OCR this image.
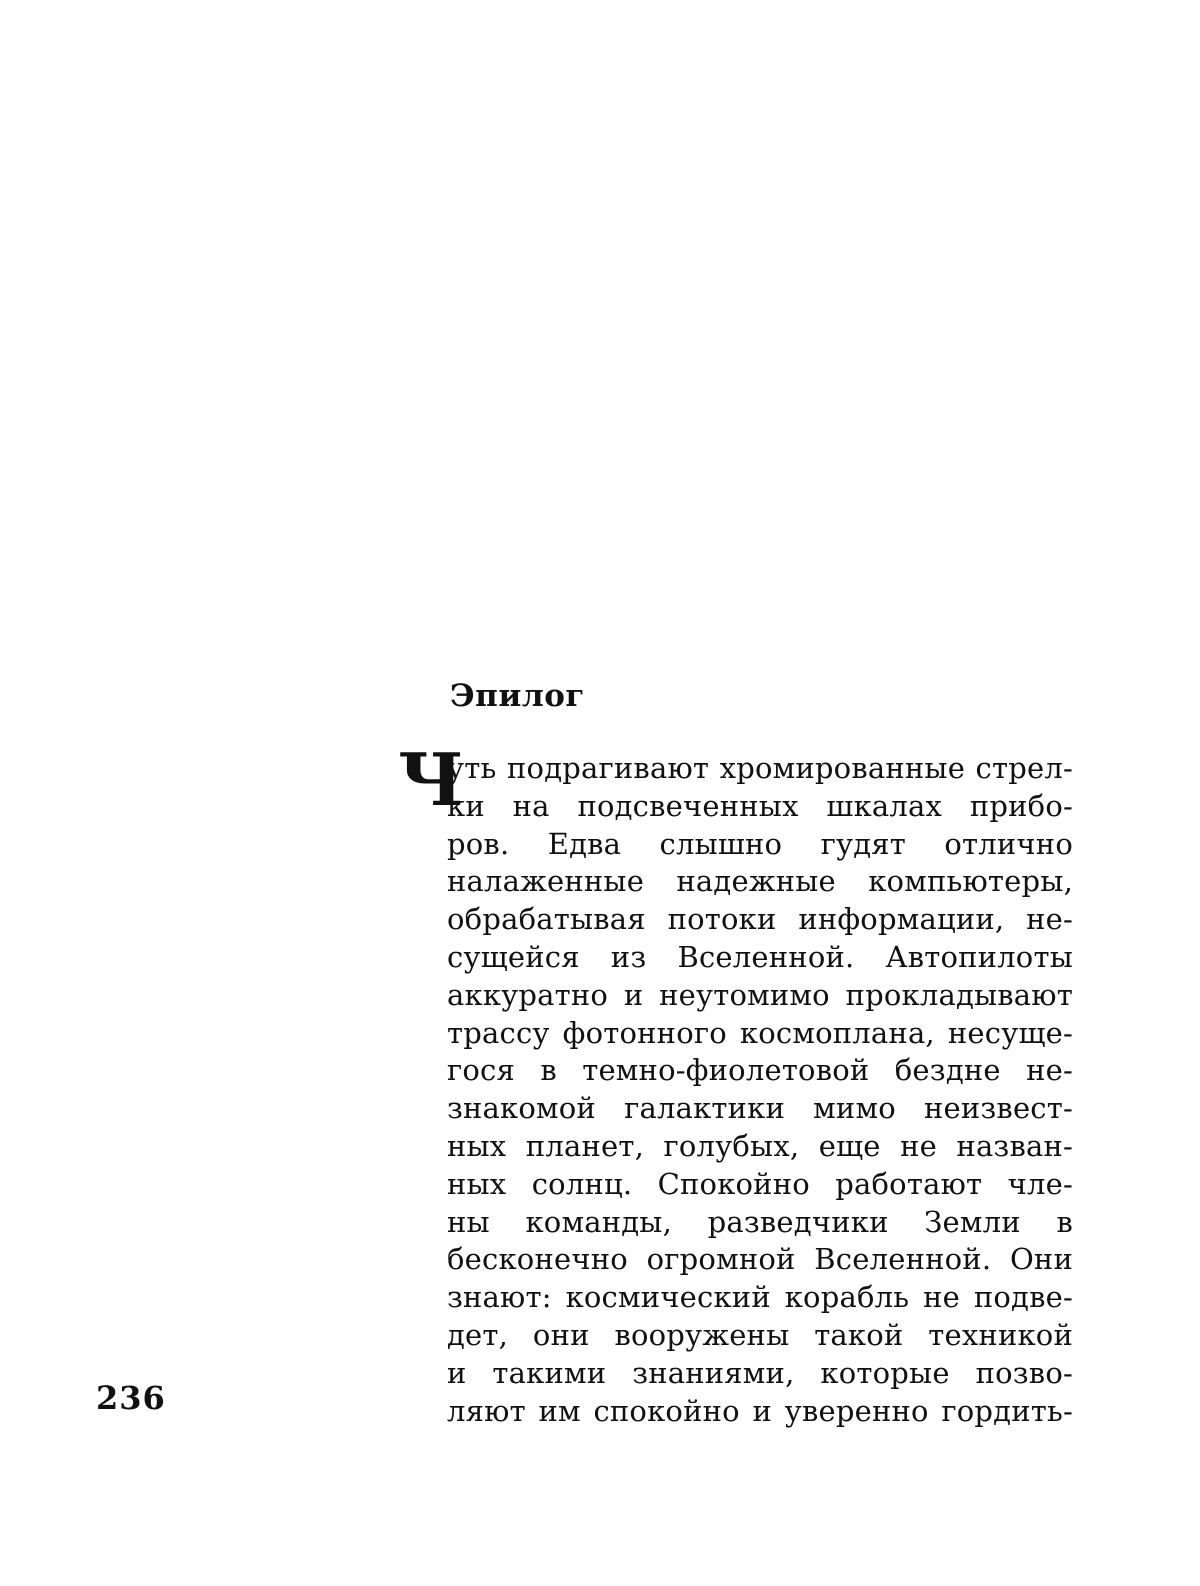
Эпилог
Ч
уть подрагивают хромированные стрел-
ки на подсвеченных шкалах прибо-
ров. Едва слышно гудят отлично
налаженные надежные компьютеры,
обрабатывая потоки информации, не-
сущейся из Вселенной. Автопилоты
аккуратно и неутомимо прокладывают
трассу фотонного космоплана, несуще-
гося в темно-фиолетовой бездне не-
знакомой галактики мимо неизвест-
ных планет, голубых, еще не назван-
ных солнц. Спокойно работают чле-
ны команды, разведчики Земли в
бесконечно огромной Вселенной. Они
знают: космический корабль не подве-
дет, они вооружены такой техникой
и такими знаниями, которые позво-
ляют им спокойно и уверенно гордить-
236
